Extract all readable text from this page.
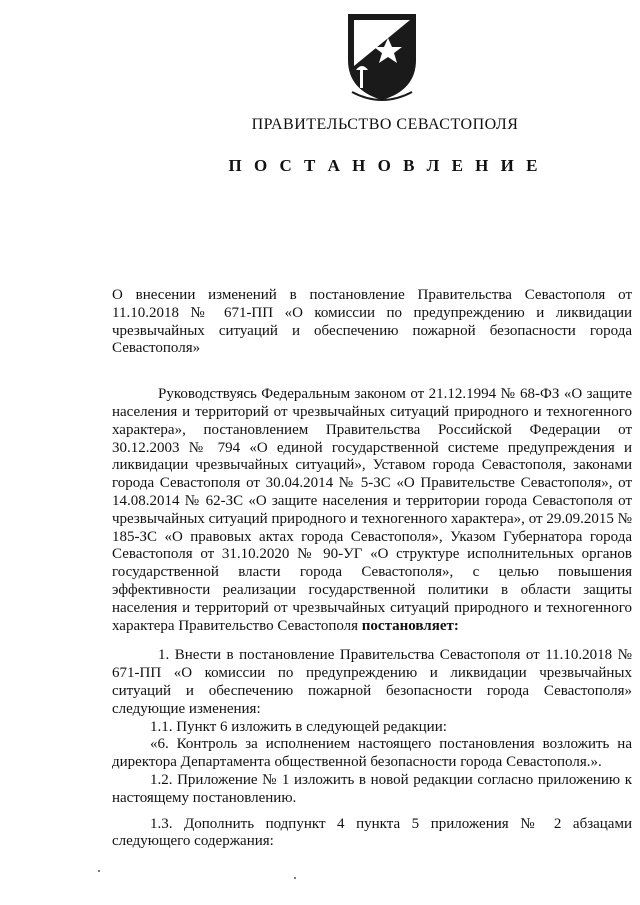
ПРАВИТЕЛЬСТВО СЕВАСТОПОЛЯ
П О С Т А Н О В Л Е Н И Е

О внесении изменений в постановление Правительства Севастополя от 11.10.2018 № 671-ПП «О комиссии по предупреждению и ликвидации чрезвычайных ситуаций и обеспечению пожарной безопасности города Севастополя»

Руководствуясь Федеральным законом от 21.12.1994 № 68-ФЗ «О защите населения и территорий от чрезвычайных ситуаций природного и техногенного характера», постановлением Правительства Российской Федерации от 30.12.2003 № 794 «О единой государственной системе предупреждения и ликвидации чрезвычайных ситуаций», Уставом города Севастополя, законами города Севастополя от 30.04.2014 № 5-ЗС «О Правительстве Севастополя», от 14.08.2014 № 62-ЗС «О защите населения и территории города Севастополя от чрезвычайных ситуаций природного и техногенного характера», от 29.09.2015 № 185-ЗС «О правовых актах города Севастополя», Указом Губернатора города Севастополя от 31.10.2020 № 90-УГ «О структуре исполнительных органов государственной власти города Севастополя», с целью повышения эффективности реализации государственной политики в области защиты населения и территорий от чрезвычайных ситуаций природного и техногенного характера Правительство Севастополя постановляет:

1. Внести в постановление Правительства Севастополя от 11.10.2018 № 671-ПП «О комиссии по предупреждению и ликвидации чрезвычайных ситуаций и обеспечению пожарной безопасности города Севастополя» следующие изменения:

1.1. Пункт 6 изложить в следующей редакции:

«6. Контроль за исполнением настоящего постановления возложить на директора Департамента общественной безопасности города Севастополя.».

1.2. Приложение № 1 изложить в новой редакции согласно приложению к настоящему постановлению.

1.3. Дополнить подпункт 4 пункта 5 приложения № 2 абзацами следующего содержания:
